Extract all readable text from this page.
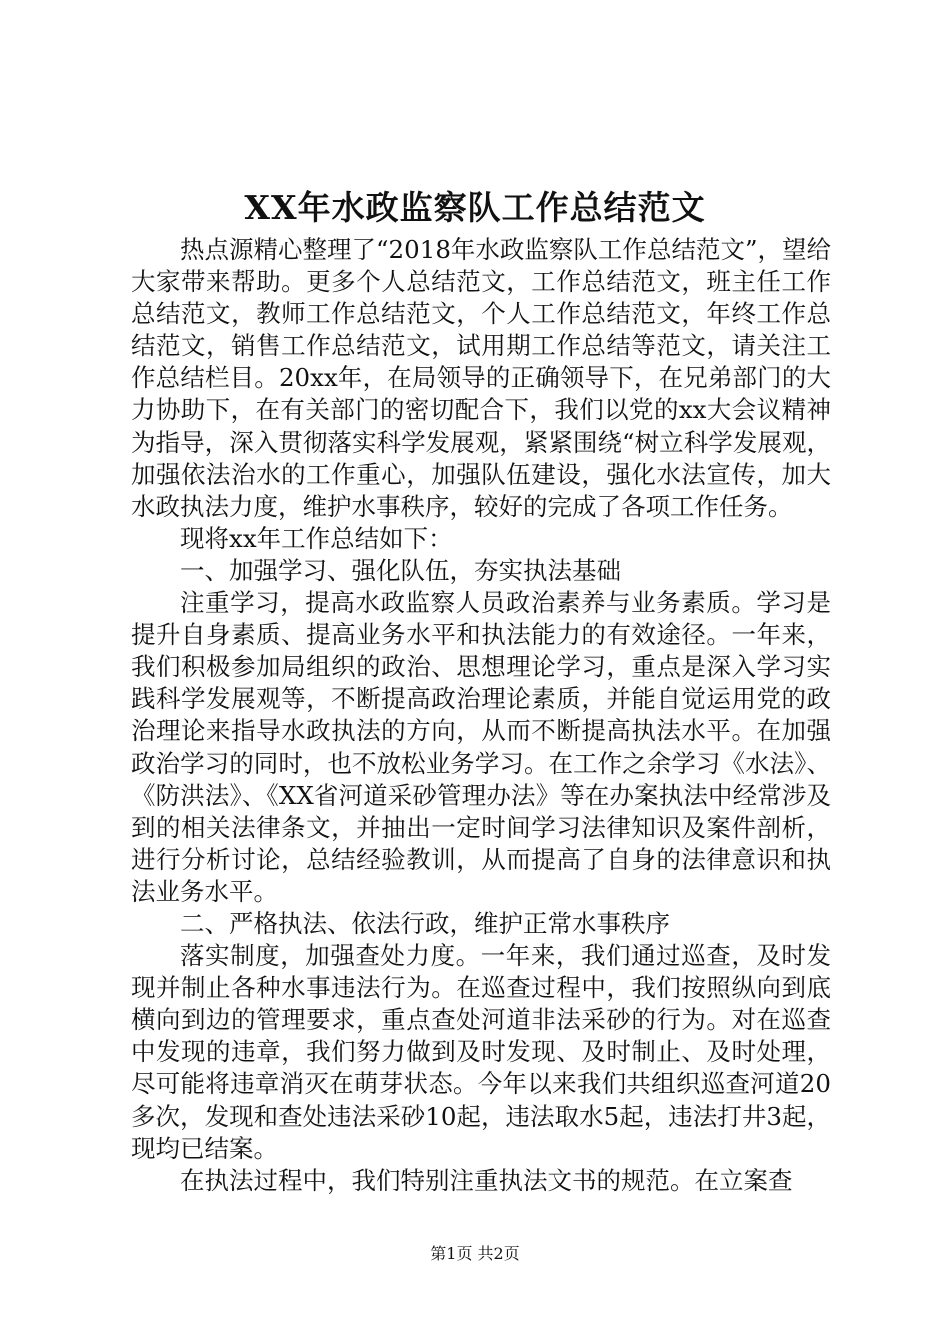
XX年水政监察队工作总结范文

热点源精心整理了“2018年水政监察队工作总结范文”，望给大家带来帮助。更多个人总结范文，工作总结范文，班主任工作总结范文，教师工作总结范文，个人工作总结范文，年终工作总结范文，销售工作总结范文，试用期工作总结等范文，请关注工作总结栏目。20xx年，在局领导的正确领导下，在兄弟部门的大力协助下，在有关部门的密切配合下，我们以党的xx大会议精神为指导，深入贯彻落实科学发展观，紧紧围绕“树立科学发展观，加强依法治水的工作重心，加强队伍建设，强化水法宣传，加大水政执法力度，维护水事秩序，较好的完成了各项工作任务。

现将xx年工作总结如下：

一、加强学习、强化队伍，夯实执法基础

注重学习，提高水政监察人员政治素养与业务素质。学习是提升自身素质、提高业务水平和执法能力的有效途径。一年来，我们积极参加局组织的政治、思想理论学习，重点是深入学习实践科学发展观等，不断提高政治理论素质，并能自觉运用党的政治理论来指导水政执法的方向，从而不断提高执法水平。在加强政治学习的同时，也不放松业务学习。在工作之余学习《水法》、《防洪法》、《XX省河道采砂管理办法》等在办案执法中经常涉及到的相关法律条文，并抽出一定时间学习法律知识及案件剖析，进行分析讨论，总结经验教训，从而提高了自身的法律意识和执法业务水平。

二、严格执法、依法行政，维护正常水事秩序

落实制度，加强查处力度。一年来，我们通过巡查，及时发现并制止各种水事违法行为。在巡查过程中，我们按照纵向到底横向到边的管理要求，重点查处河道非法采砂的行为。对在巡查中发现的违章，我们努力做到及时发现、及时制止、及时处理，尽可能将违章消灭在萌芽状态。今年以来我们共组织巡查河道20多次，发现和查处违法采砂10起，违法取水5起，违法打井3起，现均已结案。

在执法过程中，我们特别注重执法文书的规范。在立案查

第1页 共2页
